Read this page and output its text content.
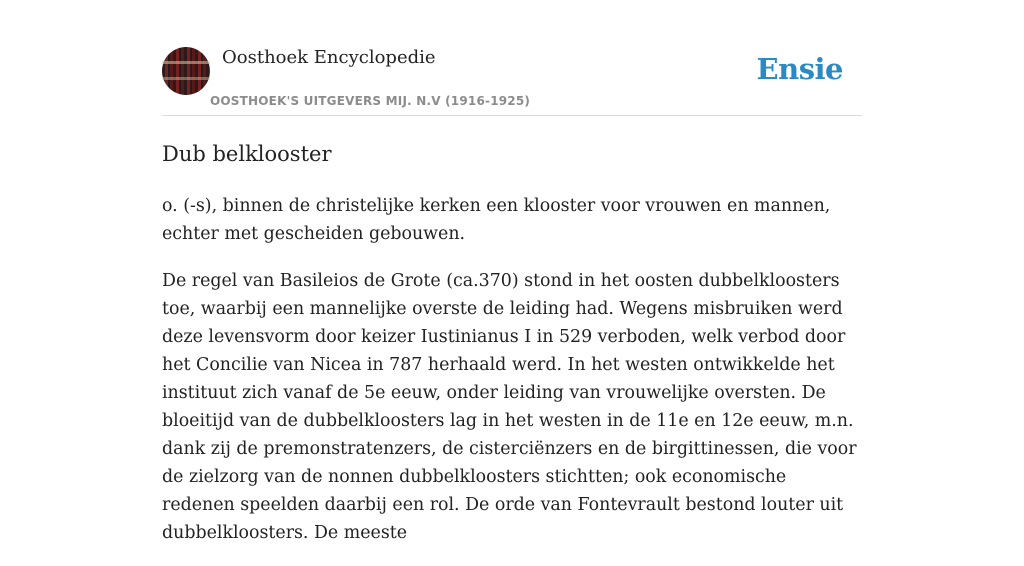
Oosthoek Encyclopedie
OOSTHOEK'S UITGEVERS MIJ. N.V (1916-1925)
Ensie
Dub belklooster

o. (-s), binnen de christelijke kerken een klooster voor vrouwen en mannen, echter met gescheiden gebouwen.

De regel van Basileios de Grote (ca.370) stond in het oosten dubbelkloosters toe, waarbij een mannelijke overste de leiding had. Wegens misbruiken werd deze levensvorm door keizer Iustinianus I in 529 verboden, welk verbod door het Concilie van Nicea in 787 herhaald werd. In het westen ontwikkelde het instituut zich vanaf de 5e eeuw, onder leiding van vrouwelijke oversten. De bloeitijd van de dubbelkloosters lag in het westen in de 11e en 12e eeuw, m.n. dank zij de premonstratenzers, de cisterciënzers en de birgittinessen, die voor de zielzorg van de nonnen dubbelkloosters stichtten; ook economische redenen speelden daarbij een rol. De orde van Fontevrault bestond louter uit dubbelkloosters. De meeste
